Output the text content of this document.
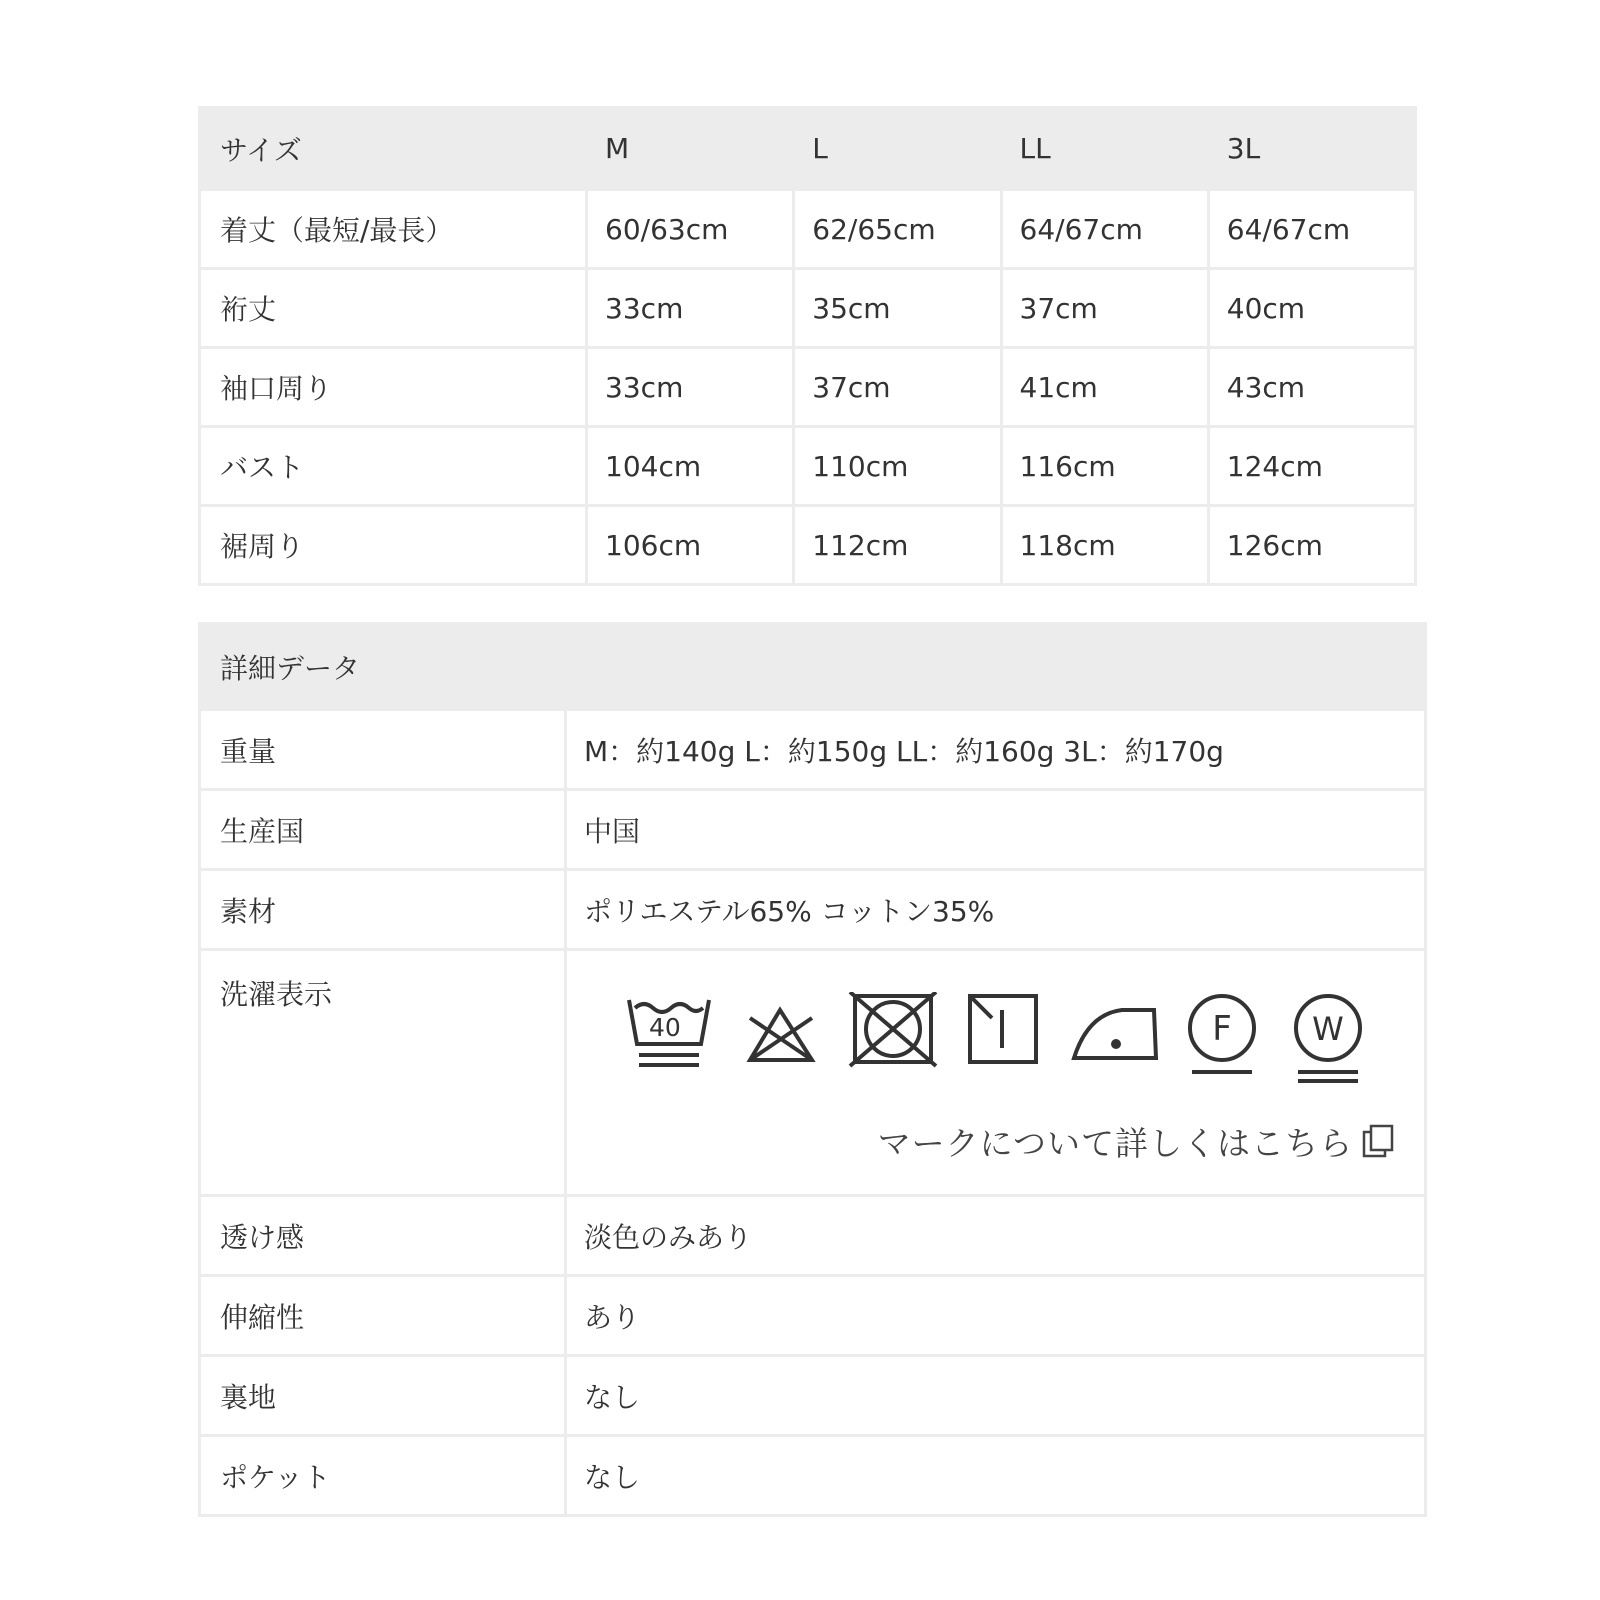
サイズ	M	L	LL	3L
着丈（最短/最長）	60/63cm	62/65cm	64/67cm	64/67cm
裄丈	33cm	35cm	37cm	40cm
袖口周り	33cm	37cm	41cm	43cm
バスト	104cm	110cm	116cm	124cm
裾周り	106cm	112cm	118cm	126cm
詳細データ	
重量	M：約140g L：約150g LL：約160g 3L：約170g
生産国	中国
素材	ポリエステル65% コットン35%
洗濯表示	40 F W
マークについて詳しくはこちら

透け感	淡色のみあり
伸縮性	あり
裏地	なし
ポケット	なし
